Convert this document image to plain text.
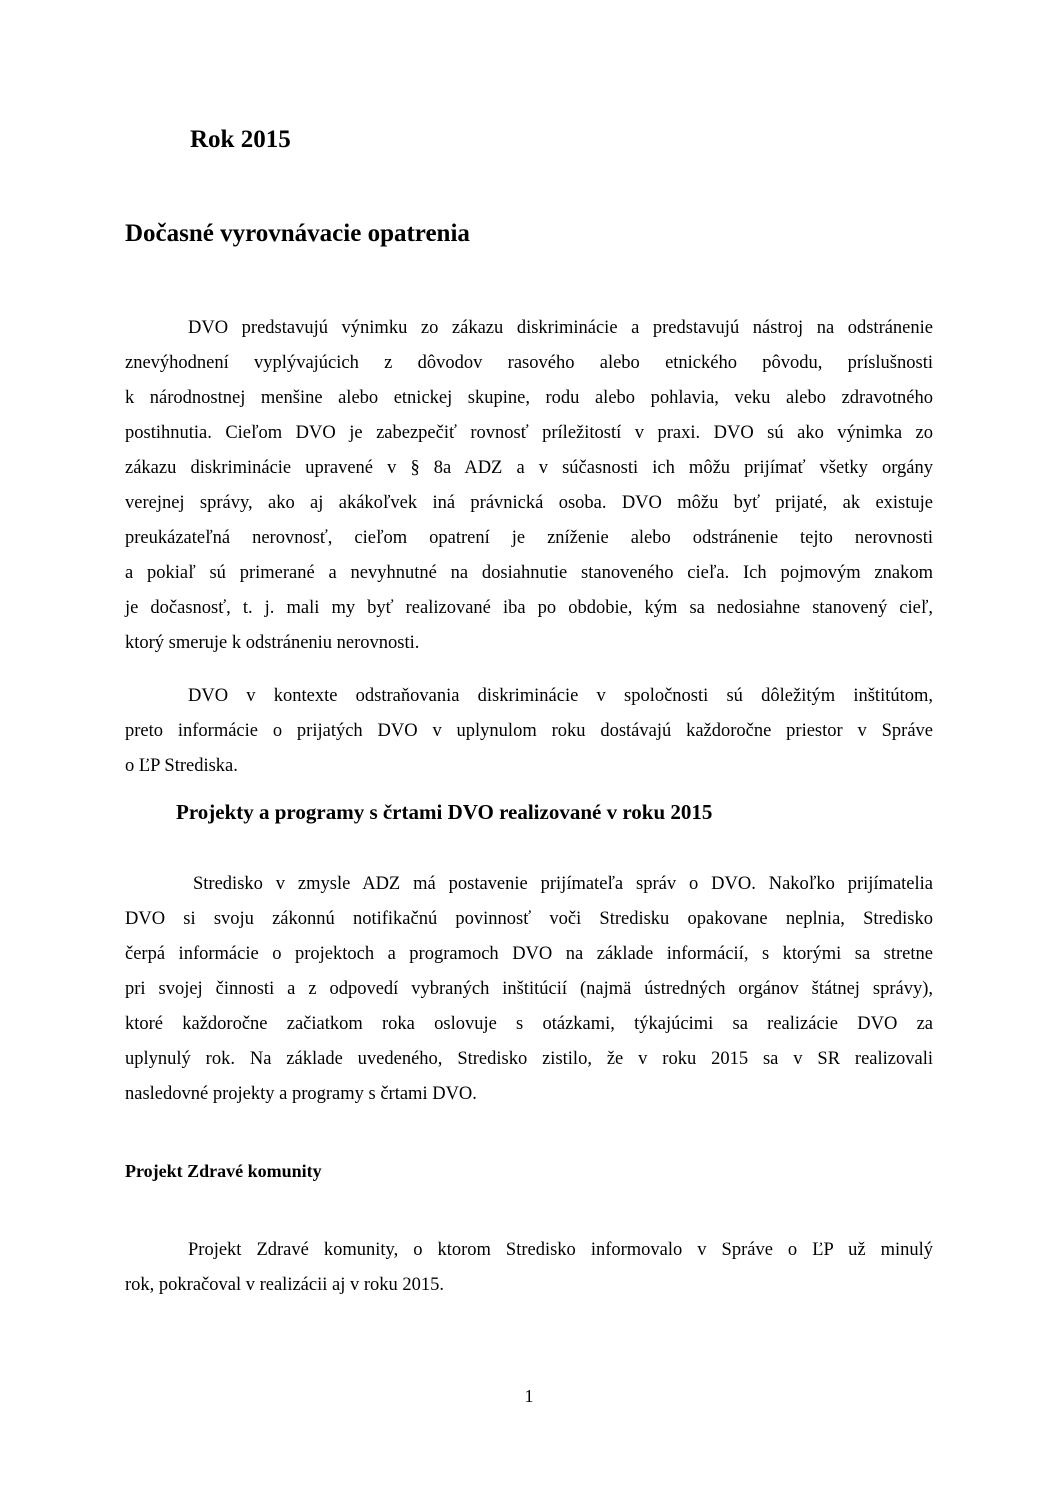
Rok 2015
Dočasné vyrovnávacie opatrenia
DVO predstavujú výnimku zo zákazu diskriminácie a predstavujú nástroj na odstránenie
znevýhodnení vyplývajúcich z dôvodov rasového alebo etnického pôvodu, príslušnosti
k národnostnej menšine alebo etnickej skupine, rodu alebo pohlavia, veku alebo zdravotného
postihnutia. Cieľom DVO je zabezpečiť rovnosť príležitostí v praxi. DVO sú ako výnimka zo
zákazu diskriminácie upravené v § 8a ADZ a v súčasnosti ich môžu prijímať všetky orgány
verejnej správy, ako aj akákoľvek iná právnická osoba. DVO môžu byť prijaté, ak existuje
preukázateľná nerovnosť, cieľom opatrení je zníženie alebo odstránenie tejto nerovnosti
a pokiaľ sú primerané a nevyhnutné na dosiahnutie stanoveného cieľa. Ich pojmovým znakom
je dočasnosť, t. j. mali my byť realizované iba po obdobie, kým sa nedosiahne stanovený cieľ,
ktorý smeruje k odstráneniu nerovnosti.
DVO v kontexte odstraňovania diskriminácie v spoločnosti sú dôležitým inštitútom,
preto informácie o prijatých DVO v uplynulom roku dostávajú každoročne priestor v Správe
o ĽP Strediska.
Projekty a programy s črtami DVO realizované v roku 2015
Stredisko v zmysle ADZ má postavenie prijímateľa správ o DVO. Nakoľko prijímatelia
DVO si svoju zákonnú notifikačnú povinnosť voči Stredisku opakovane neplnia, Stredisko
čerpá informácie o projektoch a programoch DVO na základe informácií, s ktorými sa stretne
pri svojej činnosti a z odpovedí vybraných inštitúcií (najmä ústredných orgánov štátnej správy),
ktoré každoročne začiatkom roka oslovuje s otázkami, týkajúcimi sa realizácie DVO za
uplynulý rok. Na základe uvedeného, Stredisko zistilo, že v roku 2015 sa v SR realizovali
nasledovné projekty a programy s črtami DVO.
Projekt Zdravé komunity
Projekt Zdravé komunity, o ktorom Stredisko informovalo v Správe o ĽP už minulý
rok, pokračoval v realizácii aj v roku 2015.
1
